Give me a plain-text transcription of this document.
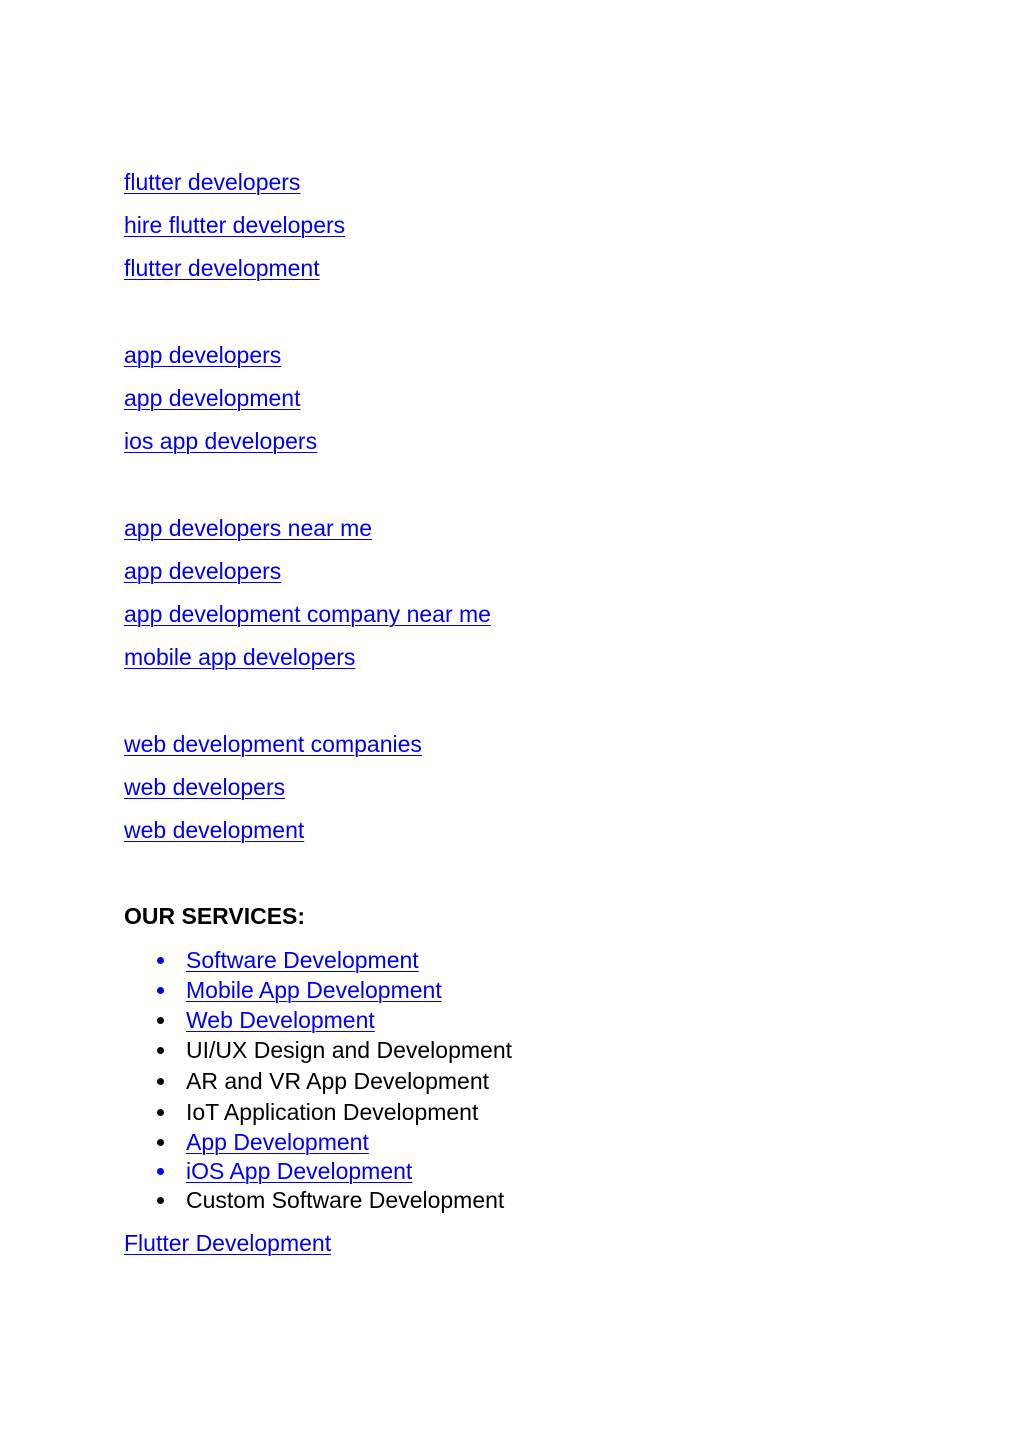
flutter developers
hire flutter developers
flutter development
app developers
app development
ios app developers
app developers near me
app developers
app development company near me
mobile app developers
web development companies
web developers
web development
OUR SERVICES:
Software Development
Mobile App Development
Web Development
UI/UX Design and Development
AR and VR App Development
IoT Application Development
App Development
iOS App Development
Custom Software Development
Flutter Development
